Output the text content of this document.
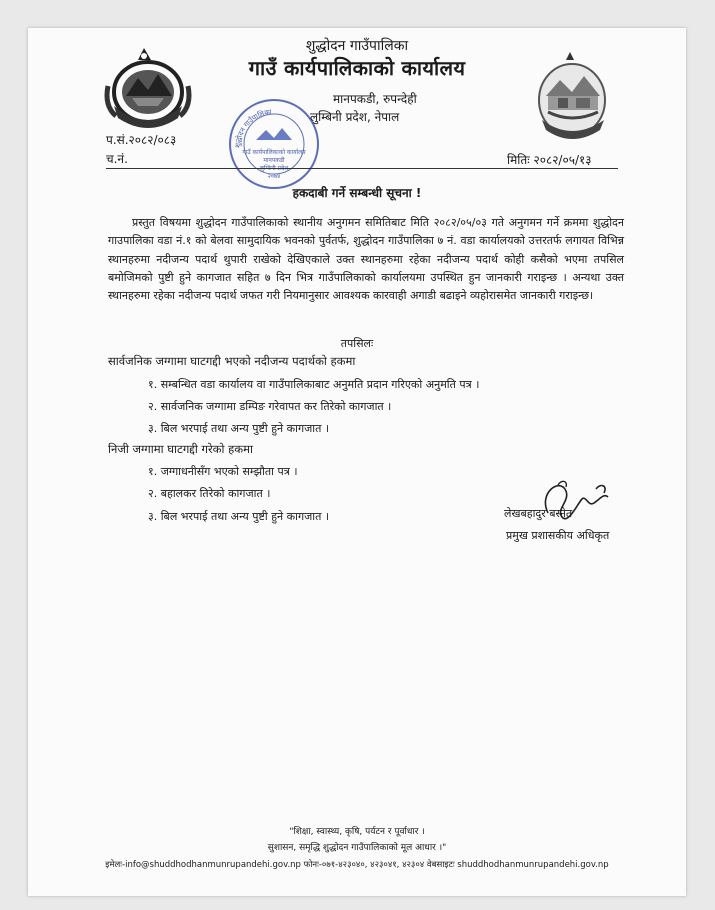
शुद्धोदन गाउँपालिका
गाउँ कार्यपालिकाको कार्यालय
मानपकडी
लुम्बिनी प्रदेश
२०७४
शुद्धोदन गाउँपालिका
गाउँ कार्यपालिकाको कार्यालय
मानपकडी, रुपन्देही
लुम्बिनी प्रदेश, नेपाल
प.सं.२०८२/०८३
च.नं.	मितिः २०८२/०५/१३
हकदाबी गर्ने सम्बन्धी सूचना !
प्रस्तुत विषयमा शुद्धोदन गाउँपालिकाको स्थानीय अनुगमन समितिबाट मिति २०८२/०५/०३ गते अनुगमन गर्ने क्रममा शुद्धोदन गाउपालिका वडा नं.१ को बेलवा सामुदायिक भवनको पुर्वतर्फ, शुद्धोदन गाउँपालिका ७ नं. वडा कार्यालयको उत्तरतर्फ लगायत विभिन्न स्थानहरुमा नदीजन्य पदार्थ थुपारी राखेको देखिएकाले उक्त स्थानहरुमा रहेका नदीजन्य पदार्थ कोही कसैको भएमा तपसिल बमोजिमको पुष्टी हुने कागजात सहित ७ दिन भित्र गाउँपालिकाको कार्यालयमा उपस्थित हुन जानकारी गराइन्छ । अन्यथा उक्त स्थानहरुमा रहेका नदीजन्य पदार्थ जफत गरी नियमानुसार आवश्यक कारवाही अगाडी बढाइने व्यहोरासमेत जानकारी गराइन्छ।
तपसिलः
सार्वजनिक जग्गामा घाटगद्दी भएको नदीजन्य पदार्थको हकमा
१. सम्बन्धित वडा कार्यालय वा गाउँपालिकाबाट अनुमति प्रदान गरिएको अनुमति पत्र ।
२. सार्वजनिक जग्गामा डम्पिङ गरेवापत कर तिरेको कागजात ।
३. बिल भरपाई तथा अन्य पुष्टी हुने कागजात ।
निजी जग्गामा घाटगद्दी गरेको हकमा
१. जग्गाधनीसँग भएको सम्झौता पत्र ।
२. बहालकर तिरेको कागजात ।
३. बिल भरपाई तथा अन्य पुष्टी हुने कागजात ।	लेखबहादुर बस्नेत
प्रमुख प्रशासकीय अधिकृत
"शिक्षा, स्वास्थ्य, कृषि, पर्यटन र पूर्वाधार ।
सुशासन, समृद्धि शुद्धोदन गाउँपालिकाको मूल आधार ।"
इमेलः-info@shuddhodhanmunrupandehi.gov.np फोनः-०७१-४२३०४०, ४२३०४१, ४२३०४ वेबसाइटः shuddhodhanmunrupandehi.gov.np
